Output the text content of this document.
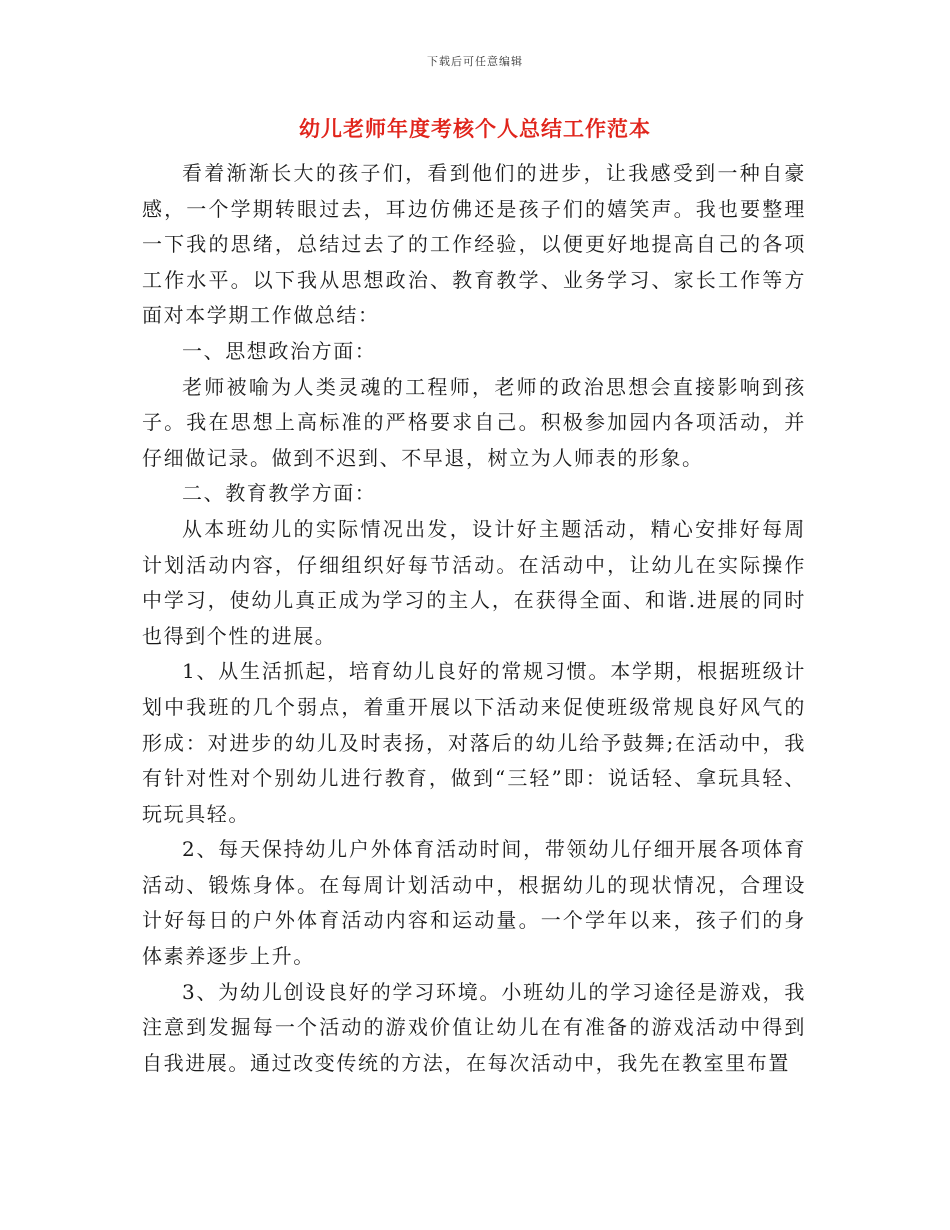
下载后可任意编辑
幼儿老师年度考核个人总结工作范本

看着渐渐长大的孩子们，看到他们的进步，让我感受到一种自豪感，一个学期转眼过去，耳边仿佛还是孩子们的嬉笑声。我也要整理一下我的思绪，总结过去了的工作经验，以便更好地提高自己的各项工作水平。以下我从思想政治、教育教学、业务学习、家长工作等方面对本学期工作做总结：

一、思想政治方面：

老师被喻为人类灵魂的工程师，老师的政治思想会直接影响到孩子。我在思想上高标准的严格要求自己。积极参加园内各项活动，并仔细做记录。做到不迟到、不早退，树立为人师表的形象。

二、教育教学方面：

从本班幼儿的实际情况出发，设计好主题活动，精心安排好每周计划活动内容，仔细组织好每节活动。在活动中，让幼儿在实际操作中学习，使幼儿真正成为学习的主人，在获得全面、和谐.进展的同时也得到个性的进展。

1、从生活抓起，培育幼儿良好的常规习惯。本学期，根据班级计划中我班的几个弱点，着重开展以下活动来促使班级常规良好风气的形成：对进步的幼儿及时表扬，对落后的幼儿给予鼓舞;在活动中，我有针对性对个别幼儿进行教育，做到“三轻”即：说话轻、拿玩具轻、玩玩具轻。

2、每天保持幼儿户外体育活动时间，带领幼儿仔细开展各项体育活动、锻炼身体。在每周计划活动中，根据幼儿的现状情况，合理设计好每日的户外体育活动内容和运动量。一个学年以来，孩子们的身体素养逐步上升。

3、为幼儿创设良好的学习环境。小班幼儿的学习途径是游戏，我注意到发掘每一个活动的游戏价值让幼儿在有准备的游戏活动中得到自我进展。通过改变传统的方法，在每次活动中，我先在教室里布置
